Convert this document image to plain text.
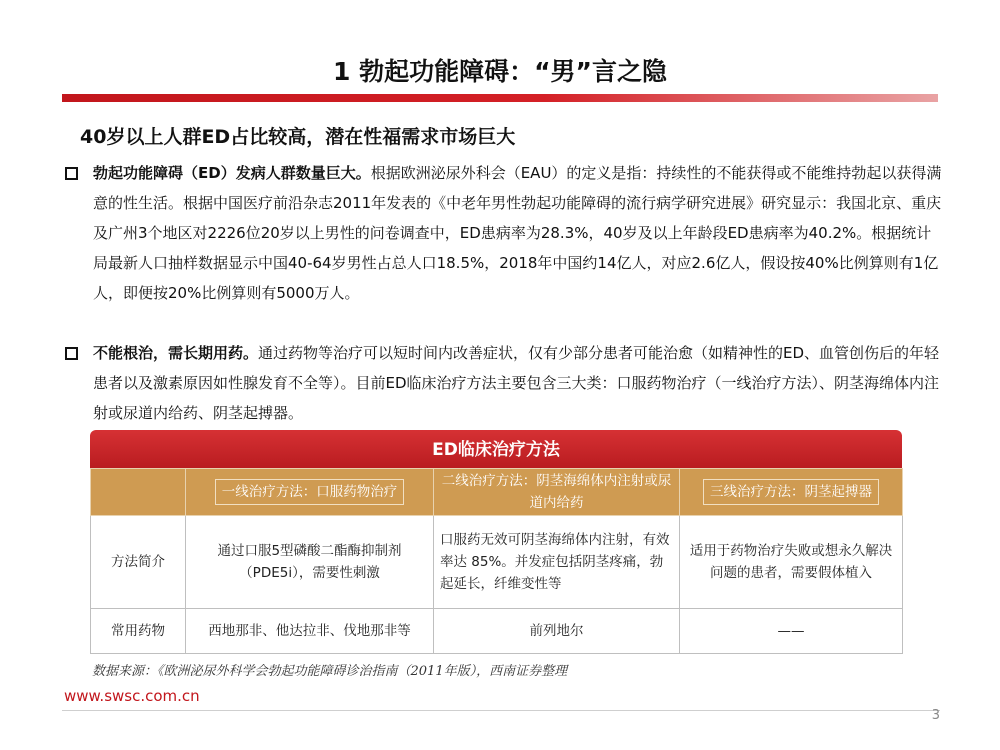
1 勃起功能障碍：“男”言之隐
40岁以上人群ED占比较高，潜在性福需求市场巨大
勃起功能障碍（ED）发病人群数量巨大。根据欧洲泌尿外科会（EAU）的定义是指：持续性的不能获得或不能维持勃起以获得满意的性生活。根据中国医疗前沿杂志2011年发表的《中老年男性勃起功能障碍的流行病学研究进展》研究显示：我国北京、重庆及广州3个地区对2226位20岁以上男性的问卷调查中，ED患病率为28.3%，40岁及以上年龄段ED患病率为40.2%。根据统计局最新人口抽样数据显示中国40-64岁男性占总人口18.5%，2018年中国约14亿人，对应2.6亿人，假设按40%比例算则有1亿人，即便按20%比例算则有5000万人。
不能根治，需长期用药。通过药物等治疗可以短时间内改善症状，仅有少部分患者可能治愈（如精神性的ED、血管创伤后的年轻患者以及激素原因如性腺发育不全等）。目前ED临床治疗方法主要包含三大类：口服药物治疗（一线治疗方法）、阴茎海绵体内注射或尿道内给药、阴茎起搏器。
ED临床治疗方法
	一线治疗方法：口服药物治疗	二线治疗方法：阴茎海绵体内注射或尿道内给药	三线治疗方法：阴茎起搏器
方法简介	通过口服5型磷酸二酯酶抑制剂（PDE5i），需要性刺激	口服药无效可阴茎海绵体内注射，有效率达 85%。并发症包括阴茎疼痛，勃起延长，纤维变性等	适用于药物治疗失败或想永久解决问题的患者，需要假体植入
常用药物	西地那非、他达拉非、伐地那非等	前列地尔	——
数据来源：《欧洲泌尿外科学会勃起功能障碍诊治指南（2011年版），西南证券整理
www.swsc.com.cn
3
